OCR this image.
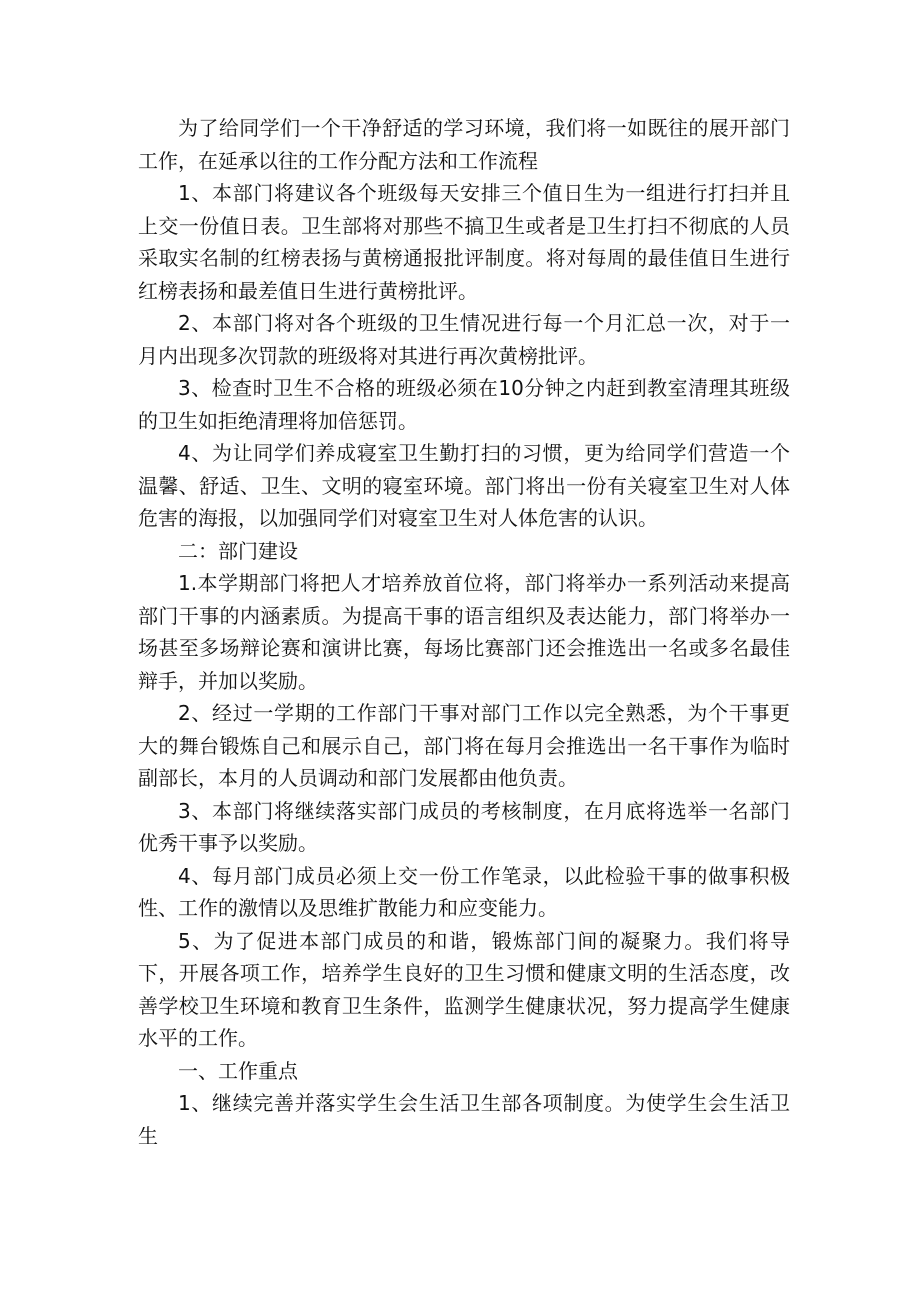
为了给同学们一个干净舒适的学习环境，我们将一如既往的展开部门工作，在延承以往的工作分配方法和工作流程

1、本部门将建议各个班级每天安排三个值日生为一组进行打扫并且上交一份值日表。卫生部将对那些不搞卫生或者是卫生打扫不彻底的人员采取实名制的红榜表扬与黄榜通报批评制度。将对每周的最佳值日生进行红榜表扬和最差值日生进行黄榜批评。

2、本部门将对各个班级的卫生情况进行每一个月汇总一次，对于一月内出现多次罚款的班级将对其进行再次黄榜批评。

3、检查时卫生不合格的班级必须在10分钟之内赶到教室清理其班级的卫生如拒绝清理将加倍惩罚。

4、为让同学们养成寝室卫生勤打扫的习惯，更为给同学们营造一个温馨、舒适、卫生、文明的寝室环境。部门将出一份有关寝室卫生对人体危害的海报，以加强同学们对寝室卫生对人体危害的认识。

二：部门建设

1.本学期部门将把人才培养放首位将，部门将举办一系列活动来提高部门干事的内涵素质。为提高干事的语言组织及表达能力，部门将举办一场甚至多场辩论赛和演讲比赛，每场比赛部门还会推选出一名或多名最佳辩手，并加以奖励。

2、经过一学期的工作部门干事对部门工作以完全熟悉，为个干事更大的舞台锻炼自己和展示自己，部门将在每月会推选出一名干事作为临时副部长，本月的人员调动和部门发展都由他负责。

3、本部门将继续落实部门成员的考核制度，在月底将选举一名部门优秀干事予以奖励。

4、每月部门成员必须上交一份工作笔录，以此检验干事的做事积极性、工作的激情以及思维扩散能力和应变能力。

5、为了促进本部门成员的和谐，锻炼部门间的凝聚力。我们将导下，开展各项工作，培养学生良好的卫生习惯和健康文明的生活态度，改善学校卫生环境和教育卫生条件，监测学生健康状况，努力提高学生健康水平的工作。

一、工作重点

1、继续完善并落实学生会生活卫生部各项制度。为使学生会生活卫生
